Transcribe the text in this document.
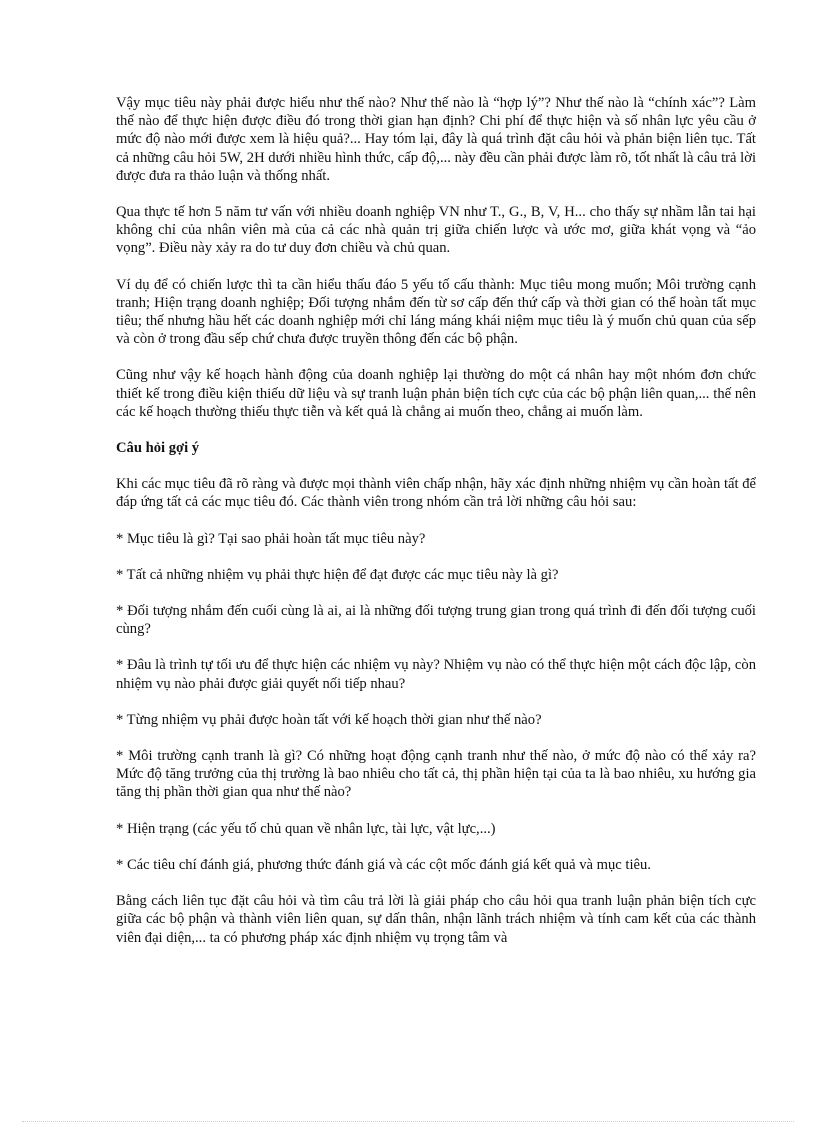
Vậy mục tiêu này phải được hiểu như thế nào? Như thế nào là “hợp lý”? Như thế nào là “chính xác”? Làm thế nào để thực hiện được điều đó trong thời gian hạn định? Chi phí để thực hiện và số nhân lực yêu cầu ở mức độ nào mới được xem là hiệu quả?... Hay tóm lại, đây là quá trình đặt câu hỏi và phản biện liên tục. Tất cả những câu hỏi 5W, 2H dưới nhiều hình thức, cấp độ,... này đều cần phải được làm rõ, tốt nhất là câu trả lời được đưa ra thảo luận và thống nhất.

Qua thực tế hơn 5 năm tư vấn với nhiều doanh nghiệp VN như T., G., B, V, H... cho thấy sự nhầm lẫn tai hại không chỉ của nhân viên mà của cả các nhà quản trị giữa chiến lược và ước mơ, giữa khát vọng và “ảo vọng”. Điều này xảy ra do tư duy đơn chiều và chủ quan.

Ví dụ để có chiến lược thì ta cần hiểu thấu đáo 5 yếu tố cấu thành: Mục tiêu mong muốn; Môi trường cạnh tranh; Hiện trạng doanh nghiệp; Đối tượng nhắm đến từ sơ cấp đến thứ cấp và thời gian có thể hoàn tất mục tiêu; thế nhưng hầu hết các doanh nghiệp mới chỉ láng máng khái niệm mục tiêu là ý muốn chủ quan của sếp và còn ở trong đầu sếp chứ chưa được truyền thông đến các bộ phận.

Cũng như vậy kế hoạch hành động của doanh nghiệp lại thường do một cá nhân hay một nhóm đơn chức thiết kế trong điều kiện thiếu dữ liệu và sự tranh luận phản biện tích cực của các bộ phận liên quan,... thế nên các kế hoạch thường thiếu thực tiễn và kết quả là chẳng ai muốn theo, chẳng ai muốn làm.

Câu hỏi gợi ý

Khi các mục tiêu đã rõ ràng và được mọi thành viên chấp nhận, hãy xác định những nhiệm vụ cần hoàn tất để đáp ứng tất cả các mục tiêu đó. Các thành viên trong nhóm cần trả lời những câu hỏi sau:

* Mục tiêu là gì? Tại sao phải hoàn tất mục tiêu này?

* Tất cả những nhiệm vụ phải thực hiện để đạt được các mục tiêu này là gì?

* Đối tượng nhắm đến cuối cùng là ai, ai là những đối tượng trung gian trong quá trình đi đến đối tượng cuối cùng?

* Đâu là trình tự tối ưu để thực hiện các nhiệm vụ này? Nhiệm vụ nào có thể thực hiện một cách độc lập, còn nhiệm vụ nào phải được giải quyết nối tiếp nhau?

* Từng nhiệm vụ phải được hoàn tất với kế hoạch thời gian như thế nào?

* Môi trường cạnh tranh là gì? Có những hoạt động cạnh tranh như thế nào, ở mức độ nào có thể xảy ra? Mức độ tăng trưởng của thị trường là bao nhiêu cho tất cả, thị phần hiện tại của ta là bao nhiêu, xu hướng gia tăng thị phần thời gian qua như thế nào?

* Hiện trạng (các yếu tố chủ quan về nhân lực, tài lực, vật lực,...)

* Các tiêu chí đánh giá, phương thức đánh giá và các cột mốc đánh giá kết quả và mục tiêu.

Bằng cách liên tục đặt câu hỏi và tìm câu trả lời là giải pháp cho câu hỏi qua tranh luận phản biện tích cực giữa các bộ phận và thành viên liên quan, sự dấn thân, nhận lãnh trách nhiệm và tính cam kết của các thành viên đại diện,... ta có phương pháp xác định nhiệm vụ trọng tâm và
